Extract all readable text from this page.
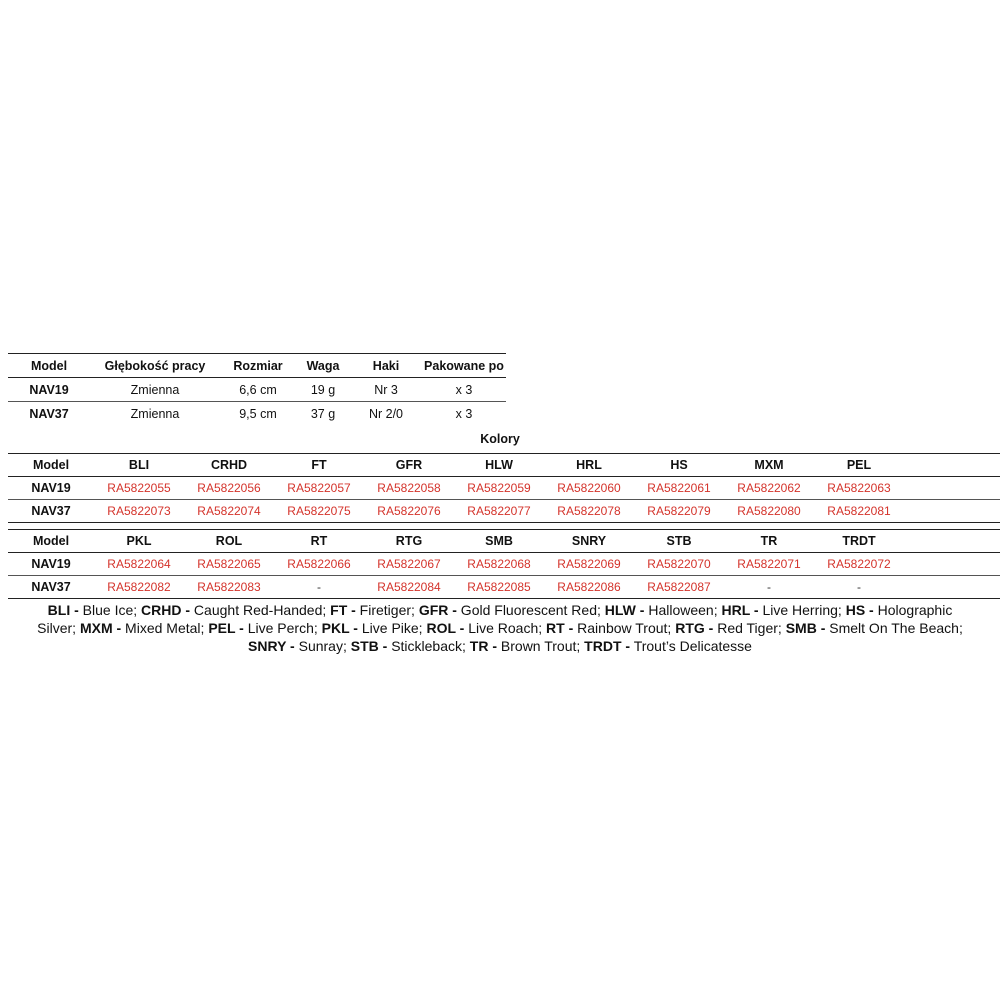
Model	Głębokość pracy	Rozmiar	Waga	Haki	Pakowane po
NAV19	Zmienna	6,6 cm	19 g	Nr 3	x 3
NAV37	Zmienna	9,5 cm	37 g	Nr 2/0	x 3
Kolory
Model	BLI	CRHD	FT	GFR	HLW	HRL	HS	MXM	PEL	
NAV19	RA5822055	RA5822056	RA5822057	RA5822058	RA5822059	RA5822060	RA5822061	RA5822062	RA5822063	
NAV37	RA5822073	RA5822074	RA5822075	RA5822076	RA5822077	RA5822078	RA5822079	RA5822080	RA5822081	
Model	PKL	ROL	RT	RTG	SMB	SNRY	STB	TR	TRDT	
NAV19	RA5822064	RA5822065	RA5822066	RA5822067	RA5822068	RA5822069	RA5822070	RA5822071	RA5822072	
NAV37	RA5822082	RA5822083	-	RA5822084	RA5822085	RA5822086	RA5822087	-	-	
BLI - Blue Ice; CRHD - Caught Red-Handed; FT - Firetiger; GFR - Gold Fluorescent Red; HLW - Halloween; HRL - Live Herring; HS - Holographic
Silver; MXM - Mixed Metal; PEL - Live Perch; PKL - Live Pike; ROL - Live Roach; RT - Rainbow Trout; RTG - Red Tiger; SMB - Smelt On The Beach;
SNRY - Sunray; STB - Stickleback; TR - Brown Trout; TRDT - Trout’s Delicatesse
